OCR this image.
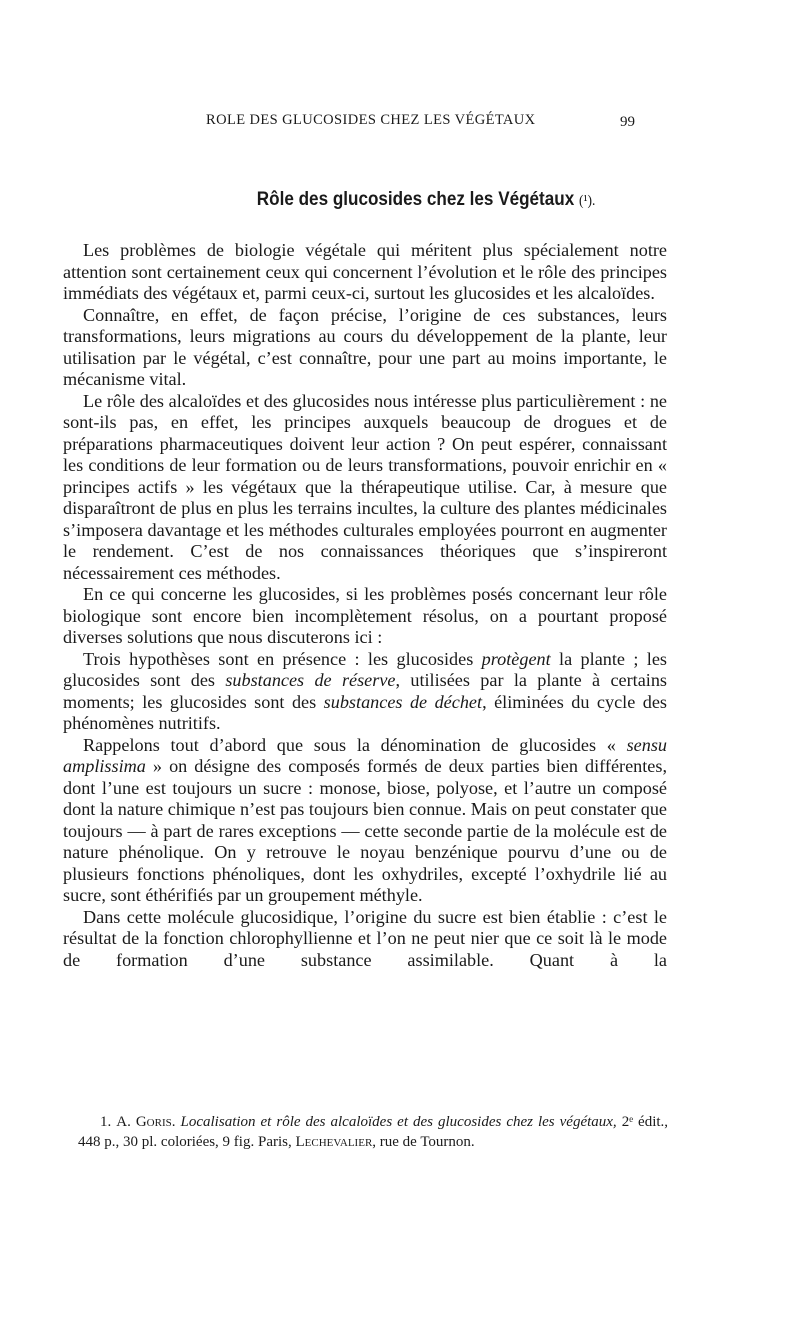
ROLE DES GLUCOSIDES CHEZ LES VÉGÉTAUX	99
Rôle des glucosides chez les Végétaux (¹).

Les problèmes de biologie végétale qui méritent plus spécialement notre attention sont certainement ceux qui concernent l’évolution et le rôle des principes immédiats des végétaux et, parmi ceux-ci, surtout les glucosides et les alcaloïdes.

Connaître, en effet, de façon précise, l’origine de ces substances, leurs transformations, leurs migrations au cours du développement de la plante, leur utilisation par le végétal, c’est connaître, pour une part au moins importante, le mécanisme vital.

Le rôle des alcaloïdes et des glucosides nous intéresse plus particulièrement : ne sont-ils pas, en effet, les principes auxquels beaucoup de drogues et de préparations pharmaceutiques doivent leur action ? On peut espérer, connaissant les conditions de leur formation ou de leurs transformations, pouvoir enrichir en « principes actifs » les végétaux que la thérapeutique utilise. Car, à mesure que disparaîtront de plus en plus les terrains incultes, la culture des plantes médicinales s’imposera davantage et les méthodes culturales employées pourront en augmenter le rendement. C’est de nos connaissances théoriques que s’inspireront nécessairement ces méthodes.

En ce qui concerne les glucosides, si les problèmes posés concernant leur rôle biologique sont encore bien incomplètement résolus, on a pourtant proposé diverses solutions que nous discuterons ici :

Trois hypothèses sont en présence : les glucosides protègent la plante ; les glucosides sont des substances de réserve, utilisées par la plante à certains moments; les glucosides sont des substances de déchet, éliminées du cycle des phénomènes nutritifs.

Rappelons tout d’abord que sous la dénomination de glucosides « sensu amplissima » on désigne des composés formés de deux parties bien différentes, dont l’une est toujours un sucre : monose, biose, polyose, et l’autre un composé dont la nature chimique n’est pas toujours bien connue. Mais on peut constater que toujours — à part de rares exceptions — cette seconde partie de la molécule est de nature phénolique. On y retrouve le noyau benzénique pourvu d’une ou de plusieurs fonctions phénoliques, dont les oxhydriles, excepté l’oxhydrile lié au sucre, sont éthérifiés par un groupement méthyle.

Dans cette molécule glucosidique, l’origine du sucre est bien établie : c’est le résultat de la fonction chlorophyllienne et l’on ne peut nier que ce soit là le mode de formation d’une substance assimilable. Quant à la

1. A. Goris. Localisation et rôle des alcaloïdes et des glucosides chez les végétaux, 2ᵉ édit., 448 p., 30 pl. coloriées, 9 fig. Paris, Lechevalier, rue de Tournon.
